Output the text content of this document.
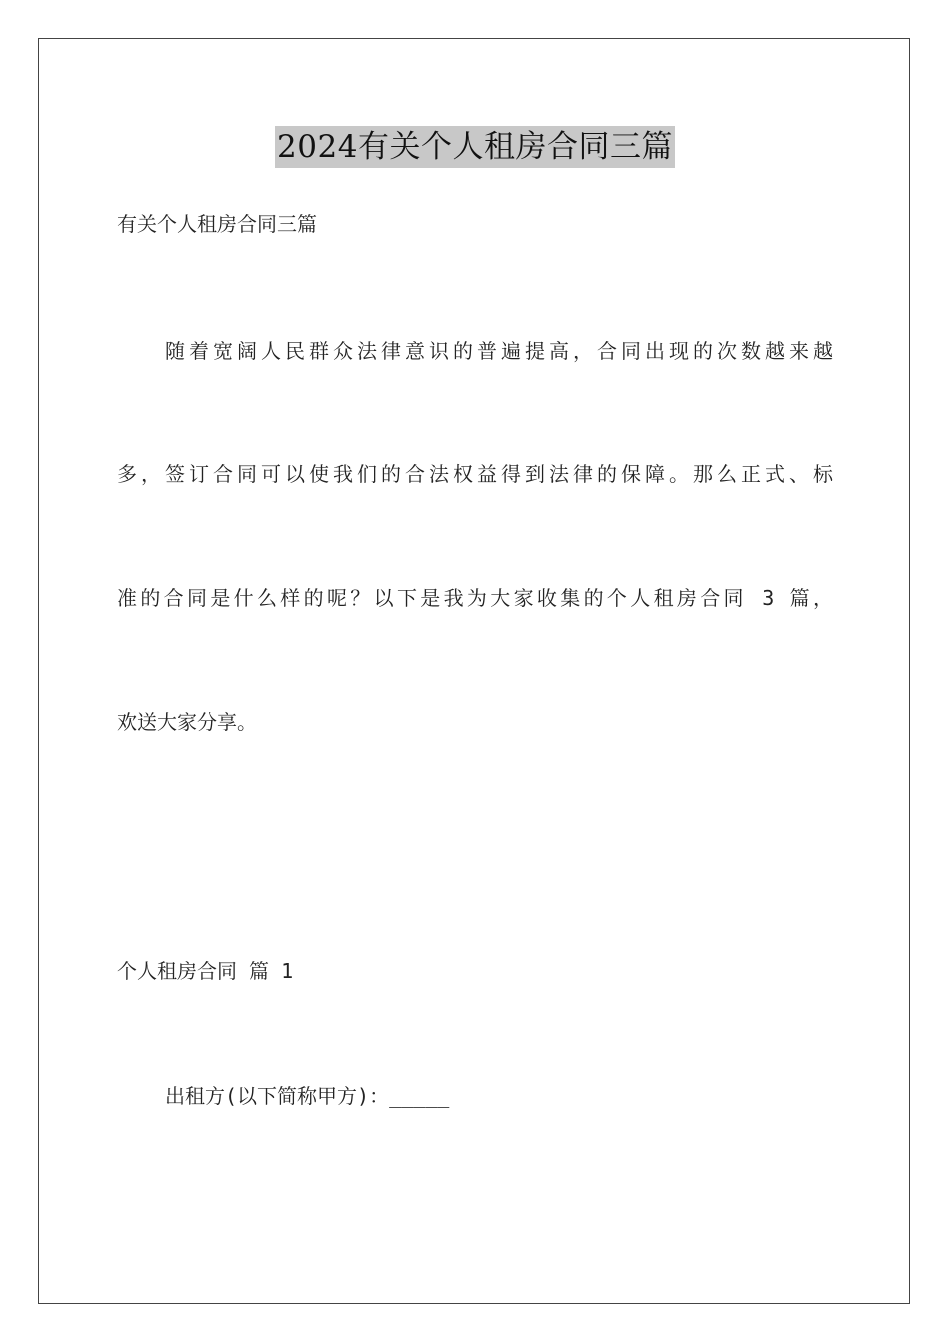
2024有关个人租房合同三篇
有关个人租房合同三篇
随着宽阔人民群众法律意识的普遍提高，合同出现的次数越来越
多，签订合同可以使我们的合法权益得到法律的保障。那么正式、标
准的合同是什么样的呢？以下是我为大家收集的个人租房合同 3 篇，
欢送大家分享。
个人租房合同 篇 1
出租方(以下简称甲方)：_____
